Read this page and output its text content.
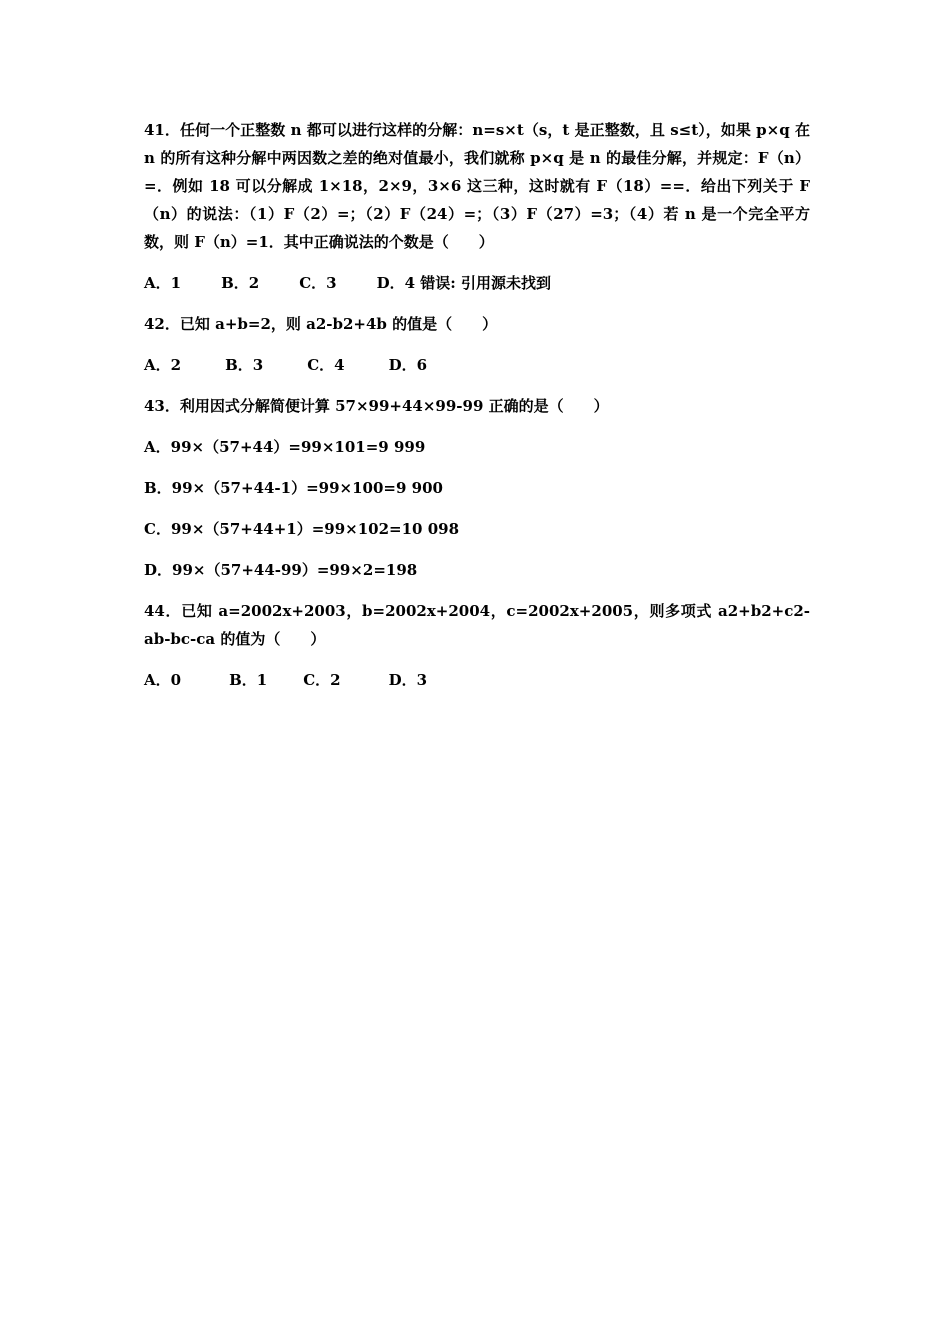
41．任何一个正整数 n 都可以进行这样的分解：n=s×t（s，t 是正整数，且 s≤t），如果 p×q 在 n 的所有这种分解中两因数之差的绝对值最小，我们就称 p×q 是 n 的最佳分解，并规定：F（n）=．例如 18 可以分解成 1×18，2×9，3×6 这三种，这时就有 F（18）==．给出下列关于 F（n）的说法：（1）F（2）=；（2）F（24）=；（3）F（27）=3；（4）若 n 是一个完全平方数，则 F（n）=1．其中正确说法的个数是（　　）

A．1	B．2	C．3	D．4 错误: 引用源未找到

42．已知 a+b=2，则 a2-b2+4b 的值是（　　）

A．2	B．3	C．4	D．6

43．利用因式分解简便计算 57×99+44×99-99 正确的是（　　）

A．99×（57+44）=99×101=9 999
B．99×（57+44-1）=99×100=9 900
C．99×（57+44+1）=99×102=10 098
D．99×（57+44-99）=99×2=198

44．已知 a=2002x+2003，b=2002x+2004，c=2002x+2005，则多项式 a2+b2+c2-ab-bc-ca 的值为（　　）

A．0	B．1 C．2	D．3
